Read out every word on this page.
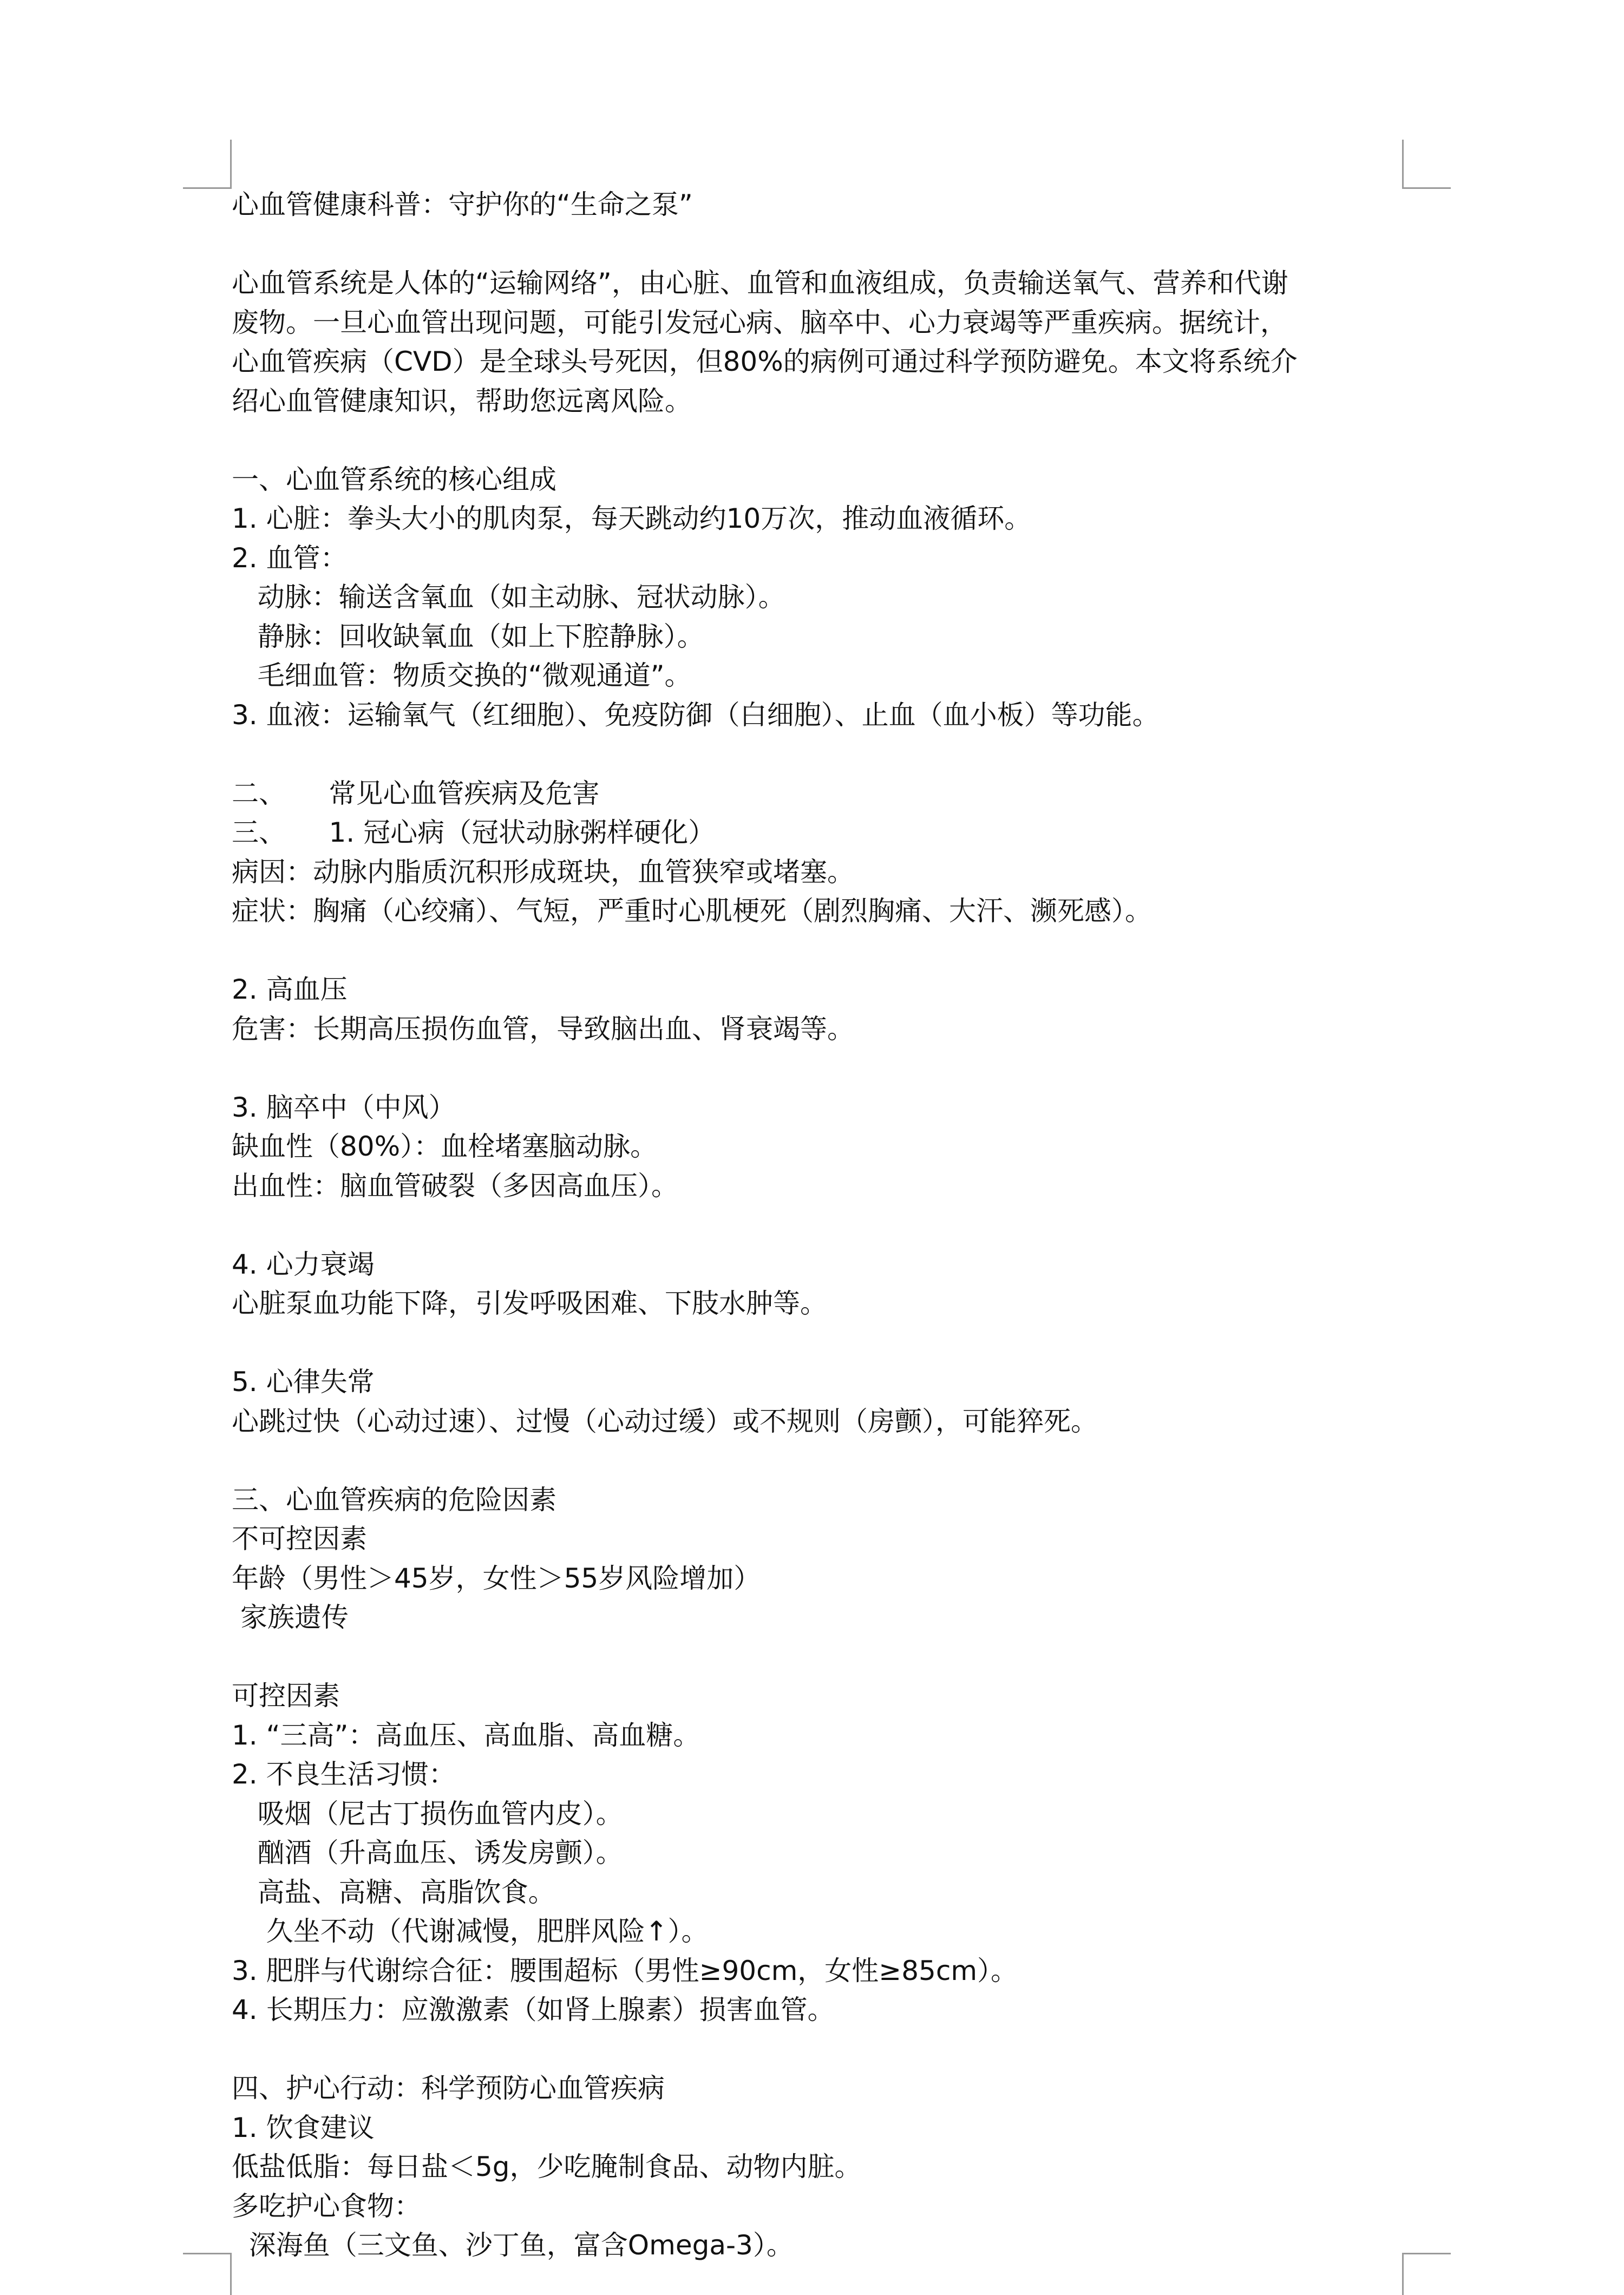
心血管健康科普：守护你的“生命之泵”
心血管系统是人体的“运输网络”，由心脏、血管和血液组成，负责输送氧气、营养和代谢
废物。一旦心血管出现问题，可能引发冠心病、脑卒中、心力衰竭等严重疾病。据统计，
心血管疾病（CVD）是全球头号死因，但80%的病例可通过科学预防避免。本文将系统介
绍心血管健康知识，帮助您远离风险。
一、心血管系统的核心组成
1. 心脏：拳头大小的肌肉泵，每天跳动约10万次，推动血液循环。
2. 血管：
动脉：输送含氧血（如主动脉、冠状动脉）。
静脉：回收缺氧血（如上下腔静脉）。
毛细血管：物质交换的“微观通道”。
3. 血液：运输氧气（红细胞）、免疫防御（白细胞）、止血（血小板）等功能。
二、     常见心血管疾病及危害
三、     1. 冠心病（冠状动脉粥样硬化）
病因：动脉内脂质沉积形成斑块，血管狭窄或堵塞。
症状：胸痛（心绞痛）、气短，严重时心肌梗死（剧烈胸痛、大汗、濒死感）。
2. 高血压
危害：长期高压损伤血管，导致脑出血、肾衰竭等。
3. 脑卒中（中风）
缺血性（80%）：血栓堵塞脑动脉。
出血性：脑血管破裂（多因高血压）。
4. 心力衰竭
心脏泵血功能下降，引发呼吸困难、下肢水肿等。
5. 心律失常
心跳过快（心动过速）、过慢（心动过缓）或不规则（房颤），可能猝死。
三、心血管疾病的危险因素
不可控因素
年龄（男性＞45岁，女性＞55岁风险增加）
家族遗传
可控因素
1. “三高”：高血压、高血脂、高血糖。
2. 不良生活习惯：
吸烟（尼古丁损伤血管内皮）。
酗酒（升高血压、诱发房颤）。
高盐、高糖、高脂饮食。
久坐不动（代谢减慢，肥胖风险↑）。
3. 肥胖与代谢综合征：腰围超标（男性≥90cm，女性≥85cm）。
4. 长期压力：应激激素（如肾上腺素）损害血管。
四、护心行动：科学预防心血管疾病
1. 饮食建议
低盐低脂：每日盐＜5g，少吃腌制食品、动物内脏。
多吃护心食物：
深海鱼（三文鱼、沙丁鱼，富含Omega-3）。
